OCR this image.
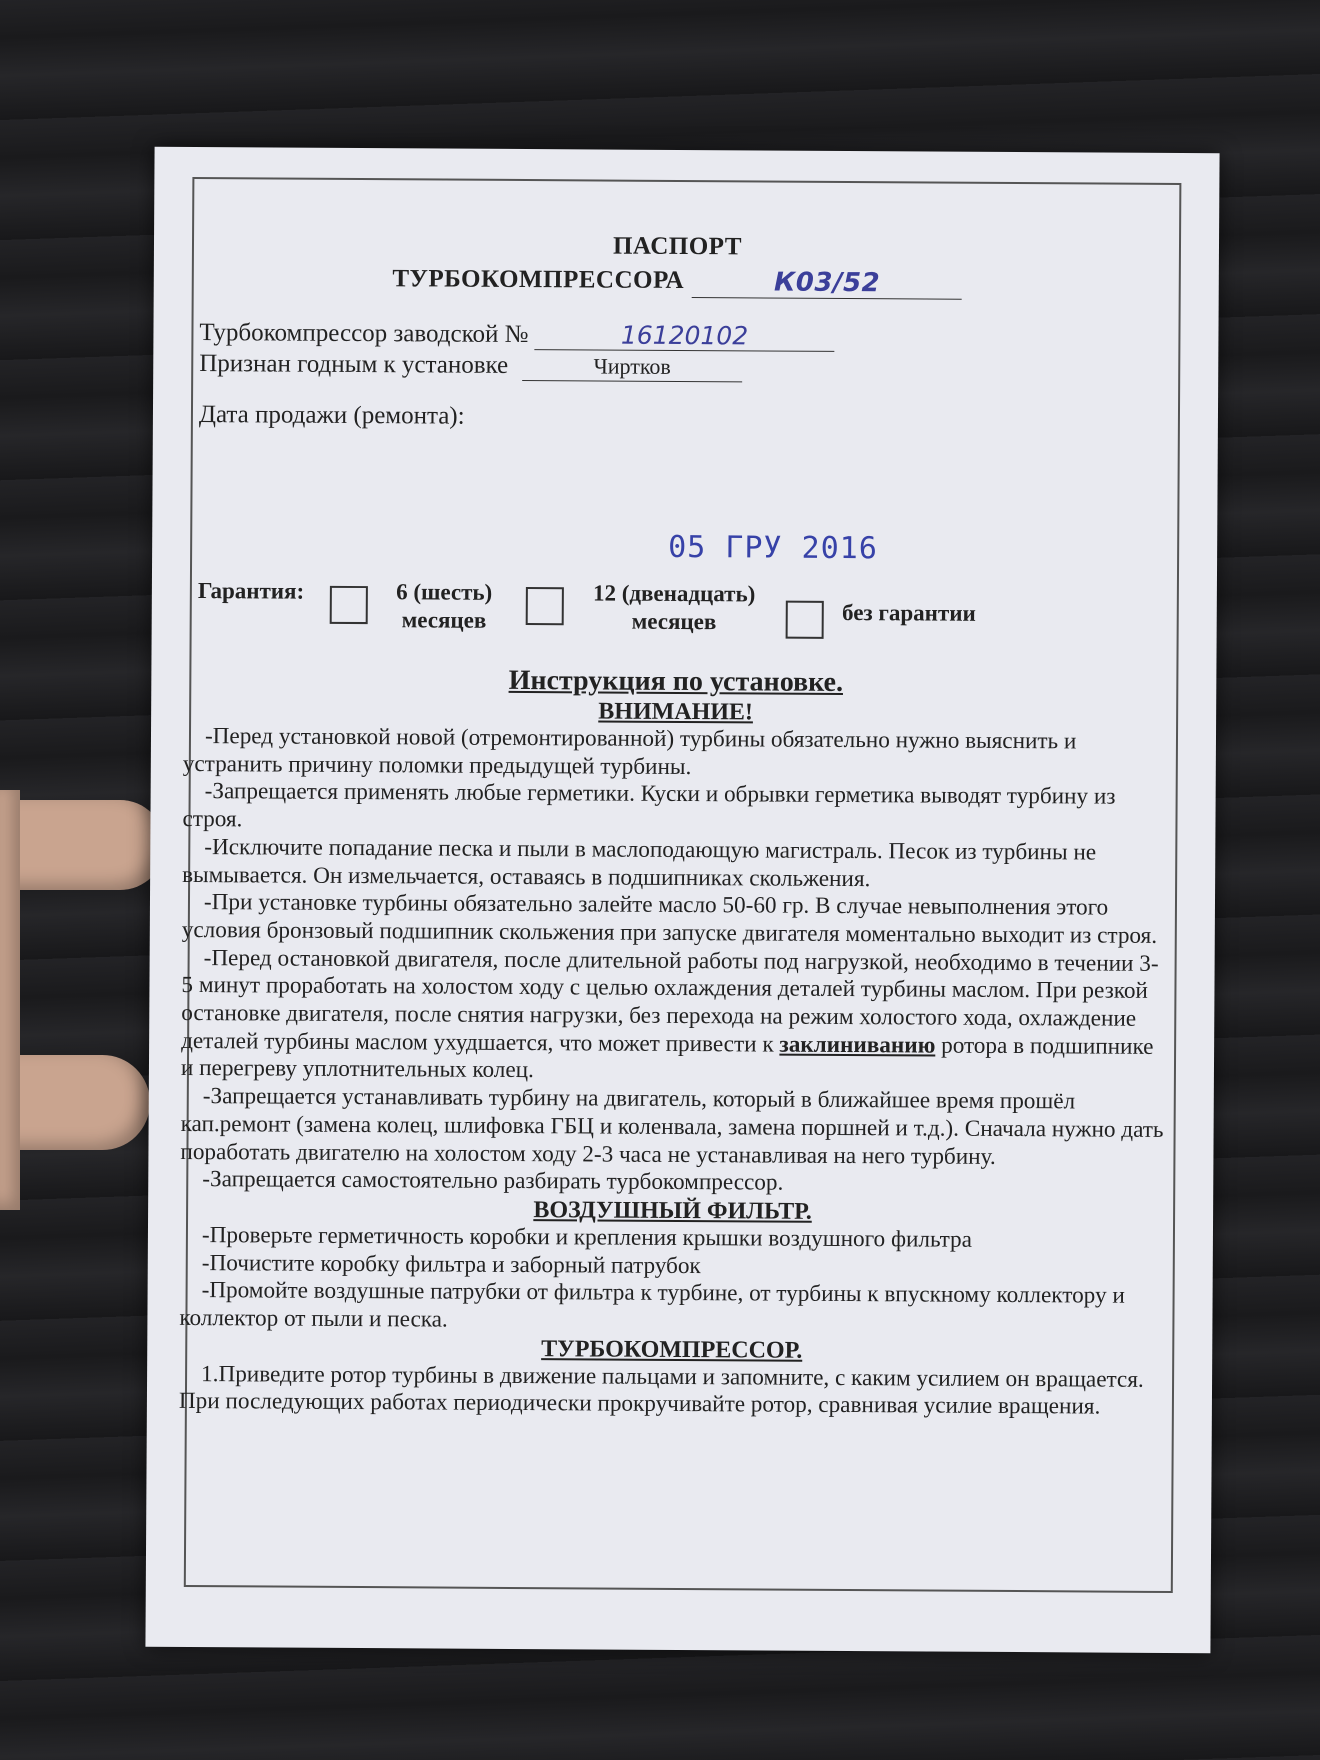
ПАСПОРТ
ТУРБОКОМПРЕССОРА	К03/52
Турбокомпрессор заводской №	16120102
Признан годным к установке	Чиртков
Дата продажи (ремонта):
05 ГРУ 2016
Гарантия:	6 (шесть)
месяцев
12 (двенадцать)
месяцев	без гарантии
Инструкция по установке.
ВНИМАНИЕ!

-Перед установкой новой (отремонтированной) турбины обязательно нужно выяснить и устранить причину поломки предыдущей турбины.

-Запрещается применять любые герметики. Куски и обрывки герметика выводят турбину из строя.

-Исключите попадание песка и пыли в маслоподающую магистраль. Песок из турбины не вымывается. Он измельчается, оставаясь в подшипниках скольжения.

-При установке турбины обязательно залейте масло 50-60 гр. В случае невыполнения этого условия бронзовый подшипник скольжения при запуске двигателя моментально выходит из строя.

-Перед остановкой двигателя, после длительной работы под нагрузкой, необходимо в течении 3-5 минут проработать на холостом ходу с целью охлаждения деталей турбины маслом. При резкой остановке двигателя, после снятия нагрузки, без перехода на режим холостого хода, охлаждение деталей турбины маслом ухудшается, что может привести к заклиниванию ротора в подшипнике и перегреву уплотнительных колец.

-Запрещается устанавливать турбину на двигатель, который в ближайшее время прошёл кап.ремонт (замена колец, шлифовка ГБЦ и коленвала, замена поршней и т.д.). Сначала нужно дать поработать двигателю на холостом ходу 2-3 часа не устанавливая на него турбину.

-Запрещается самостоятельно разбирать турбокомпрессор.

ВОЗДУШНЫЙ ФИЛЬТР.

-Проверьте герметичность коробки и крепления крышки воздушного фильтра

-Почистите коробку фильтра и заборный патрубок

-Промойте воздушные патрубки от фильтра к турбине, от турбины к впускному коллектору и коллектор от пыли и песка.

ТУРБОКОМПРЕССОР.

1.Приведите ротор турбины в движение пальцами и запомните, с каким усилием он вращается. При последующих работах периодически прокручивайте ротор, сравнивая усилие вращения.
